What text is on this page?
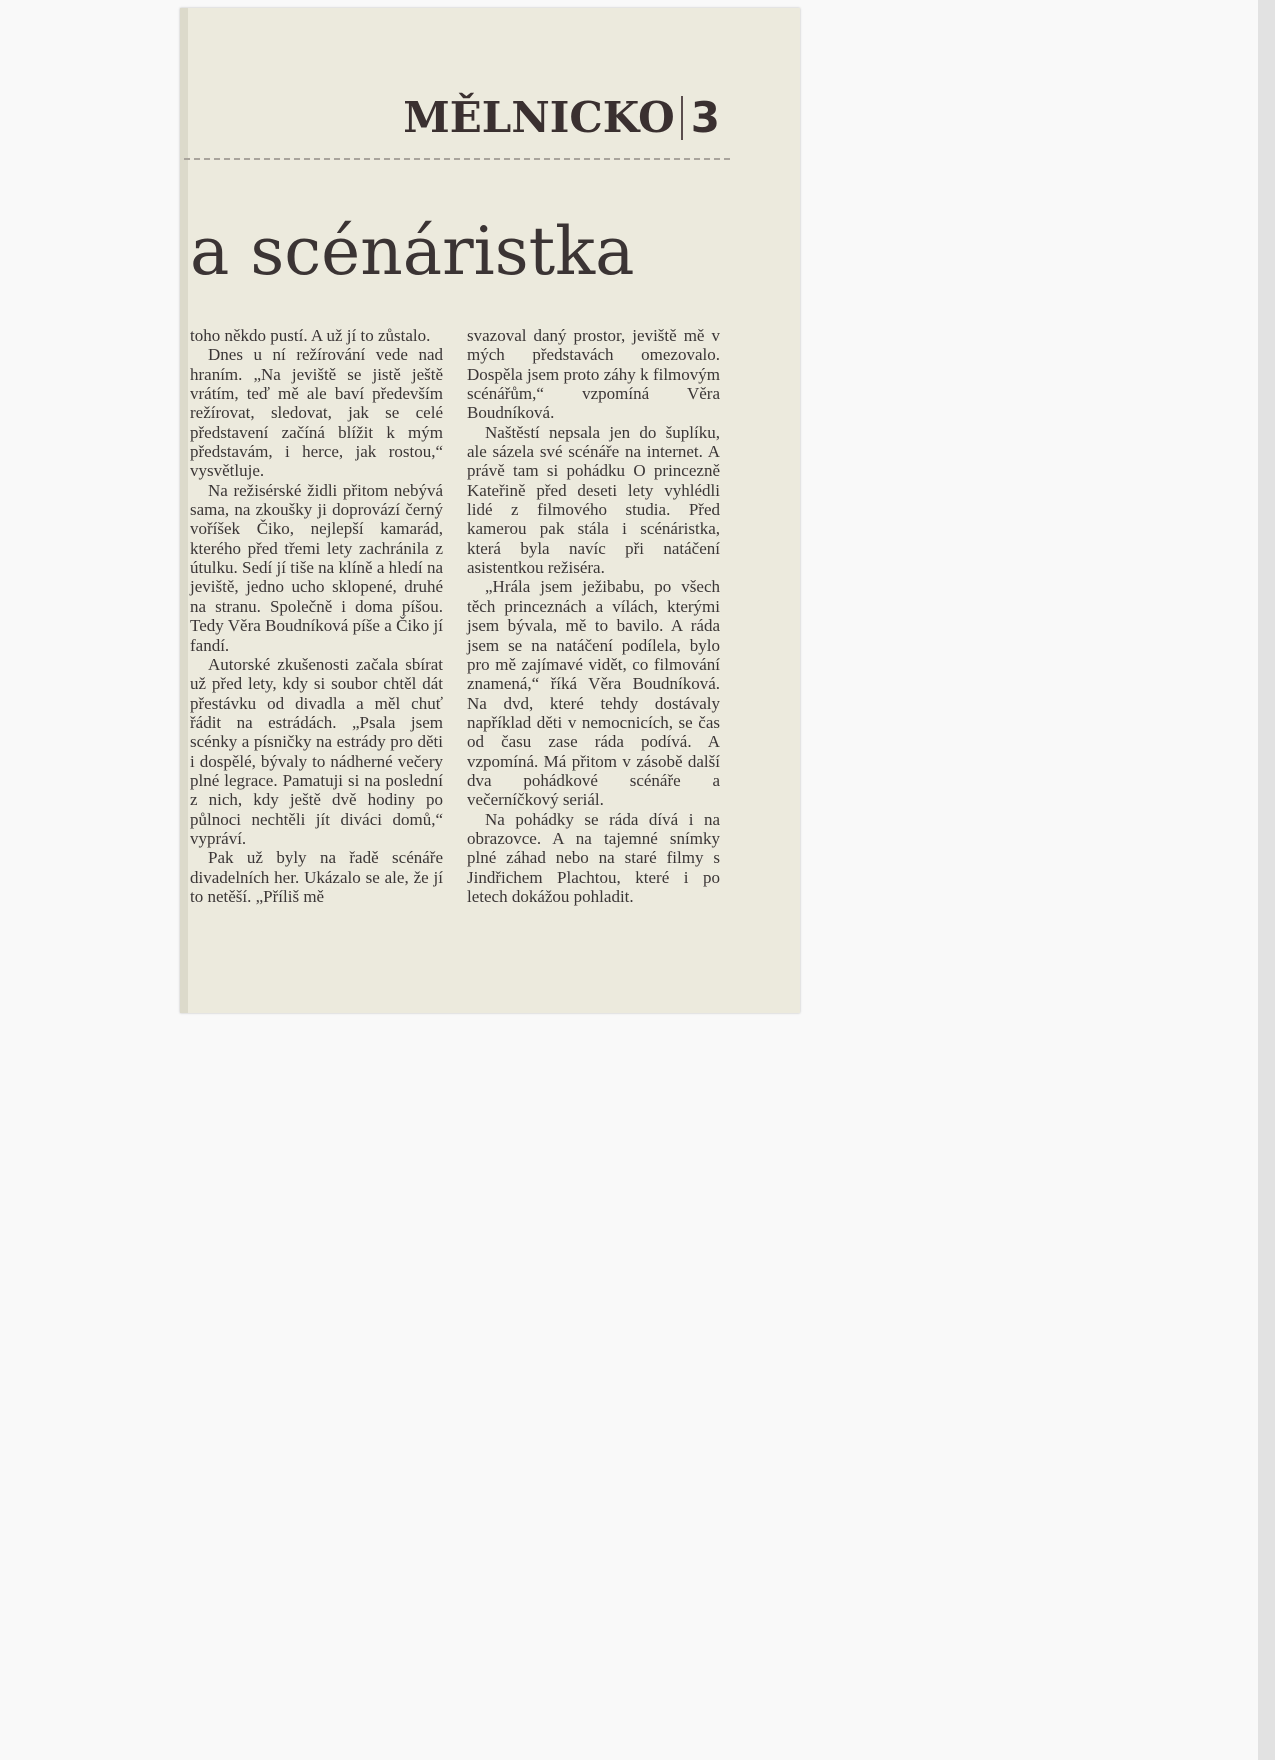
MĚLNICKO 3
a scénáristka

toho někdo pustí. A už jí to zůstalo.

Dnes u ní režírování vede nad hraním. „Na jeviště se jistě ještě vrátím, teď mě ale baví především režírovat, sledovat, jak se celé představení začíná blížit k mým představám, i herce, jak rostou,“ vysvětluje.

Na režisérské židli přitom nebývá sama, na zkoušky ji doprovází černý voříšek Čiko, nejlepší kamarád, kterého před třemi lety zachránila z útulku. Sedí jí tiše na klíně a hledí na jeviště, jedno ucho sklopené, druhé na stranu. Společně i doma píšou. Tedy Věra Boudníková píše a Čiko jí fandí.

Autorské zkušenosti začala sbírat už před lety, kdy si soubor chtěl dát přestávku od divadla a měl chuť řádit na estrádách. „Psala jsem scénky a písničky na estrády pro děti i dospělé, bývaly to nádherné večery plné legrace. Pamatuji si na poslední z nich, kdy ještě dvě hodiny po půlnoci nechtěli jít diváci domů,“ vypráví.

Pak už byly na řadě scénáře divadelních her. Ukázalo se ale, že jí to netěší. „Příliš mě

svazoval daný prostor, jeviště mě v mých představách omezovalo. Dospěla jsem proto záhy k filmovým scénářům,“ vzpomíná Věra Boudníková.

Naštěstí nepsala jen do šuplíku, ale sázela své scénáře na internet. A právě tam si pohádku O princezně Kateřině před deseti lety vyhlédli lidé z filmového studia. Před kamerou pak stála i scénáristka, která byla navíc při natáčení asistentkou režiséra.

„Hrála jsem ježibabu, po všech těch princeznách a vílách, kterými jsem bývala, mě to bavilo. A ráda jsem se na natáčení podílela, bylo pro mě zajímavé vidět, co filmování znamená,“ říká Věra Boudníková. Na dvd, které tehdy dostávaly například děti v nemocnicích, se čas od času zase ráda podívá. A vzpomíná. Má přitom v zásobě další dva pohádkové scénáře a večerníčkový seriál.

Na pohádky se ráda dívá i na obrazovce. A na tajemné snímky plné záhad nebo na staré filmy s Jindřichem Plachtou, které i po letech dokážou pohladit.
